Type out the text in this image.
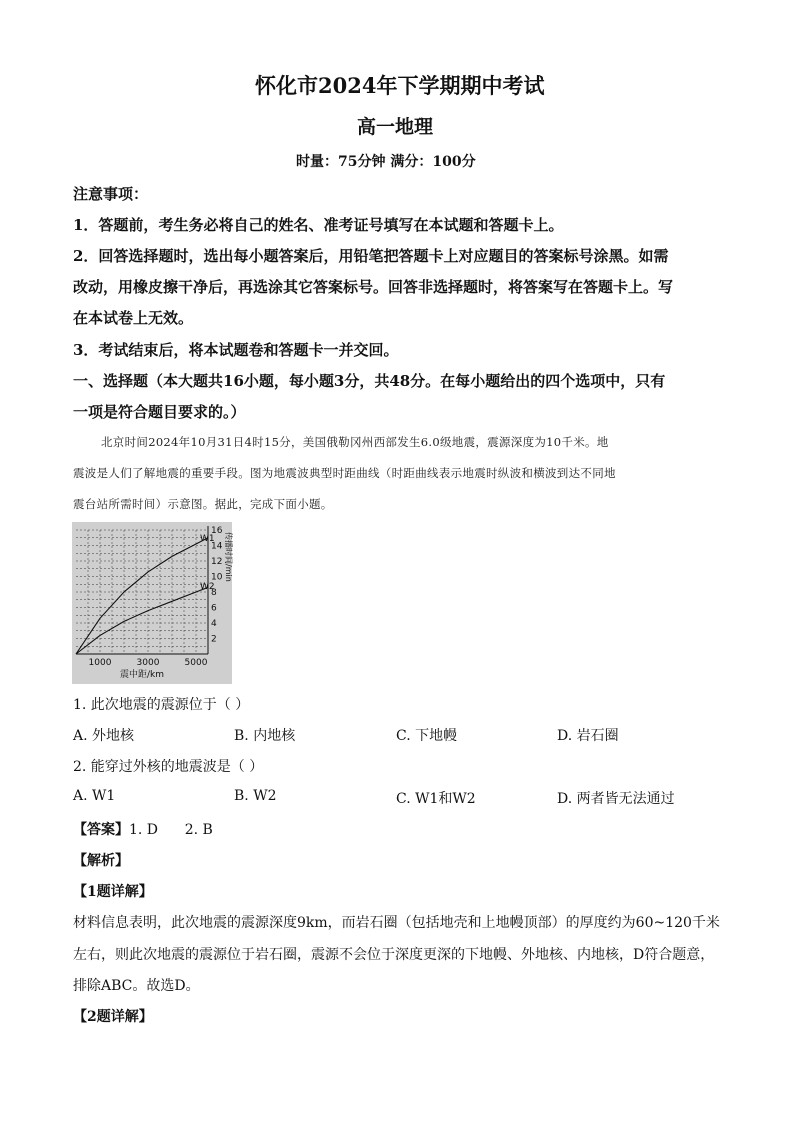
怀化市2024年下学期期中考试
高一地理
时量：75分钟 满分：100分
注意事项：
1．答题前，考生务必将自己的姓名、准考证号填写在本试题和答题卡上。
2．回答选择题时，选出每小题答案后，用铅笔把答题卡上对应题目的答案标号涂黑。如需
改动，用橡皮擦干净后，再选涂其它答案标号。回答非选择题时，将答案写在答题卡上。写
在本试卷上无效。
3．考试结束后，将本试题卷和答题卡一并交回。
一、选择题（本大题共16小题，每小题3分，共48分。在每小题给出的四个选项中，只有
一项是符合题目要求的。）
北京时间2024年10月31日4时15分，美国俄勒冈州西部发生6.0级地震，震源深度为10千米。地
震波是人们了解地震的重要手段。图为地震波典型时距曲线（时距曲线表示地震时纵波和横波到达不同地
震台站所需时间）示意图。据此，完成下面小题。
2
4
6
8
10
12
14
16
1000	3000	5000
震中距/km
传播时间/min
W1
W2
1. 此次地震的震源位于（ ）
A. 外地核	B. 内地核	C. 下地幔	D. 岩石圈
2. 能穿过外核的地震波是（ ）
A. W1	B. W2	C. W1和W2	D. 两者皆无法通过
【答案】1. D      2. B
【解析】
【1题详解】
材料信息表明，此次地震的震源深度9km，而岩石圈（包括地壳和上地幔顶部）的厚度约为60~120千米
左右，则此次地震的震源位于岩石圈，震源不会位于深度更深的下地幔、外地核、内地核，D符合题意，
排除ABC。故选D。
【2题详解】
